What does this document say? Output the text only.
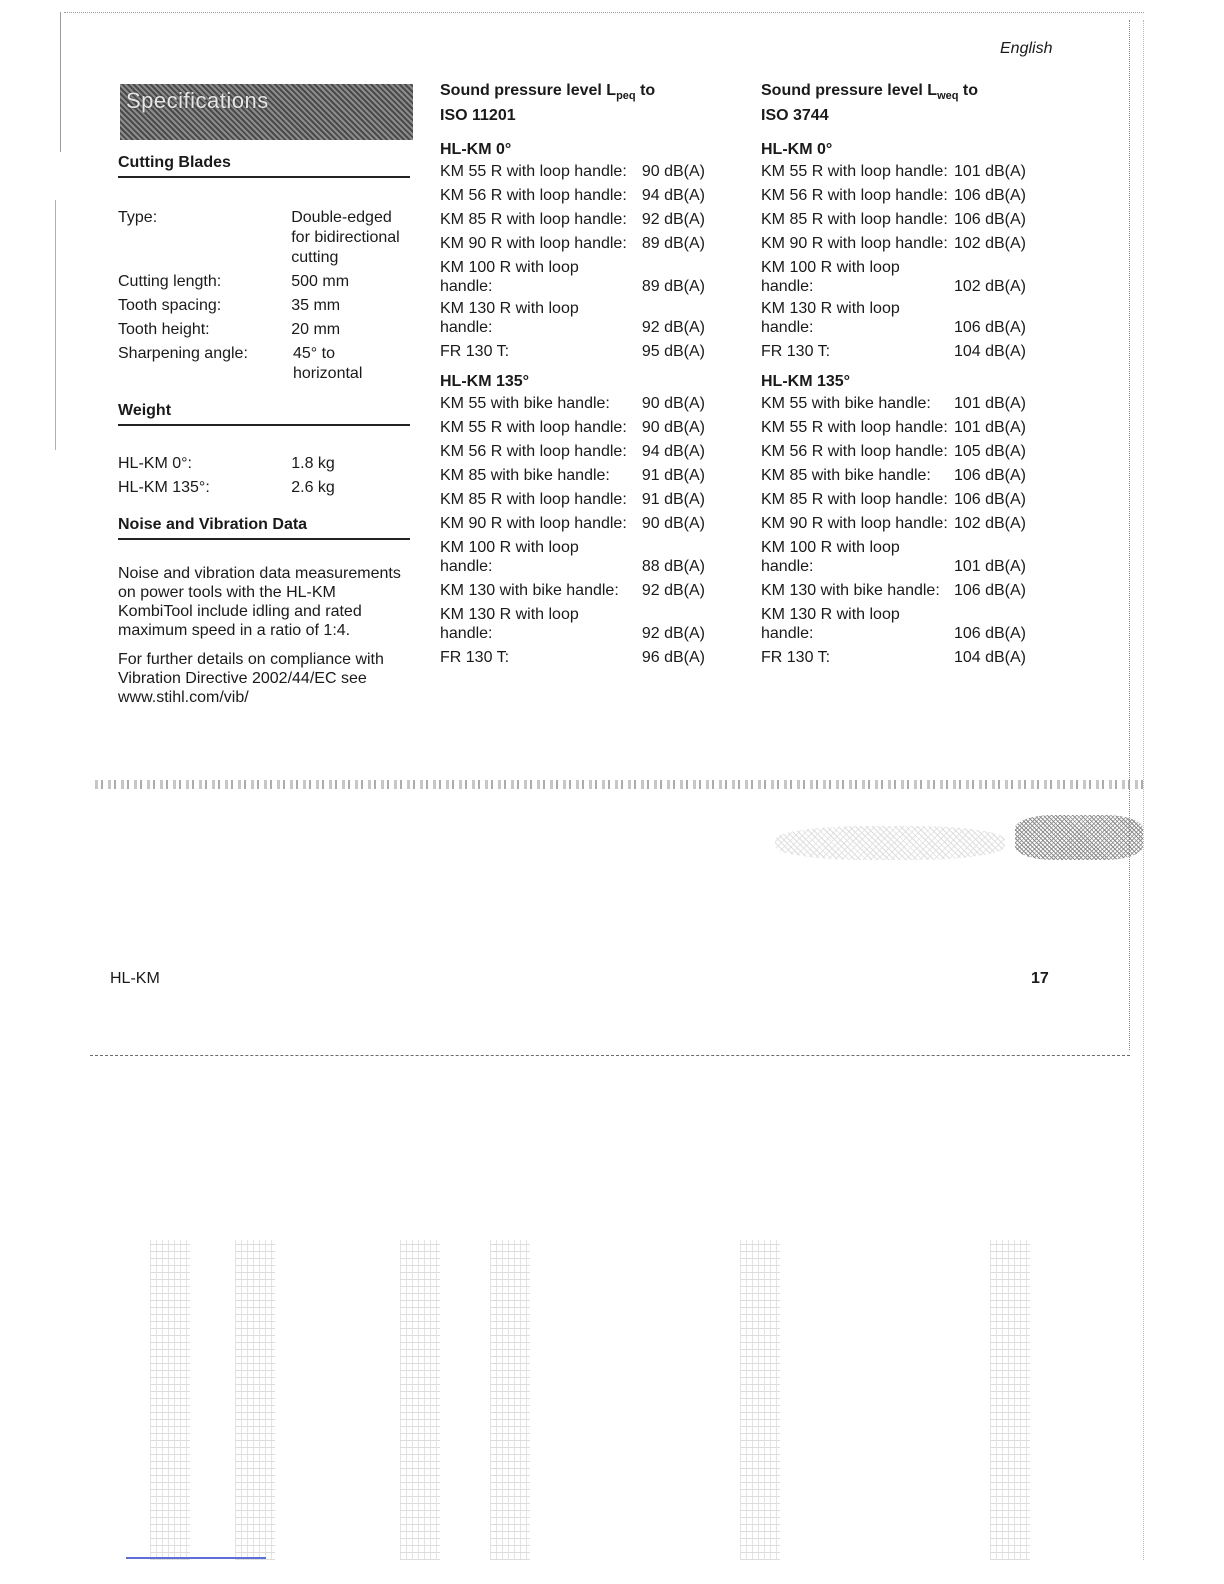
English
Specifications
Cutting Blades
Type:	Double-edged for bidirectional cutting
Cutting length:	500 mm
Tooth spacing:	35 mm
Tooth height:	20 mm
Sharpening angle:	45° to horizontal
Weight
HL-KM 0°:	1.8 kg
HL-KM 135°:	2.6 kg
Noise and Vibration Data

Noise and vibration data measurements on power tools with the HL-KM KombiTool include idling and rated maximum speed in a ratio of 1:4.

For further details on compliance with Vibration Directive 2002/44/EC see www.stihl.com/vib/

Sound pressure level $L_{peq}$ to
ISO 11201
HL-KM 0°
KM 55 R with loop handle: 90 dB(A)
KM 56 R with loop handle: 94 dB(A)
KM 85 R with loop handle: 92 dB(A)
KM 90 R with loop handle: 89 dB(A)
KM 100 R with loop
handle:	89 dB(A)
KM 130 R with loop
handle:	92 dB(A)
FR 130 T:	95 dB(A)
HL-KM 135°
KM 55 with bike handle: 90 dB(A)
KM 55 R with loop handle: 90 dB(A)
KM 56 R with loop handle: 94 dB(A)
KM 85 with bike handle: 91 dB(A)
KM 85 R with loop handle: 91 dB(A)
KM 90 R with loop handle: 90 dB(A)
KM 100 R with loop
handle:	88 dB(A)
KM 130 with bike handle: 92 dB(A)
KM 130 R with loop
handle:	92 dB(A)
FR 130 T:	96 dB(A)
Sound pressure level $L_{weq}$ to
ISO 3744
HL-KM 0°
KM 55 R with loop handle: 101 dB(A)
KM 56 R with loop handle: 106 dB(A)
KM 85 R with loop handle: 106 dB(A)
KM 90 R with loop handle: 102 dB(A)
KM 100 R with loop
handle:	102 dB(A)
KM 130 R with loop
handle:	106 dB(A)
FR 130 T:	104 dB(A)
HL-KM 135°
KM 55 with bike handle: 101 dB(A)
KM 55 R with loop handle: 101 dB(A)
KM 56 R with loop handle: 105 dB(A)
KM 85 with bike handle: 106 dB(A)
KM 85 R with loop handle: 106 dB(A)
KM 90 R with loop handle: 102 dB(A)
KM 100 R with loop
handle:	101 dB(A)
KM 130 with bike handle: 106 dB(A)
KM 130 R with loop
handle:	106 dB(A)
FR 130 T:	104 dB(A)
HL-KM	17
